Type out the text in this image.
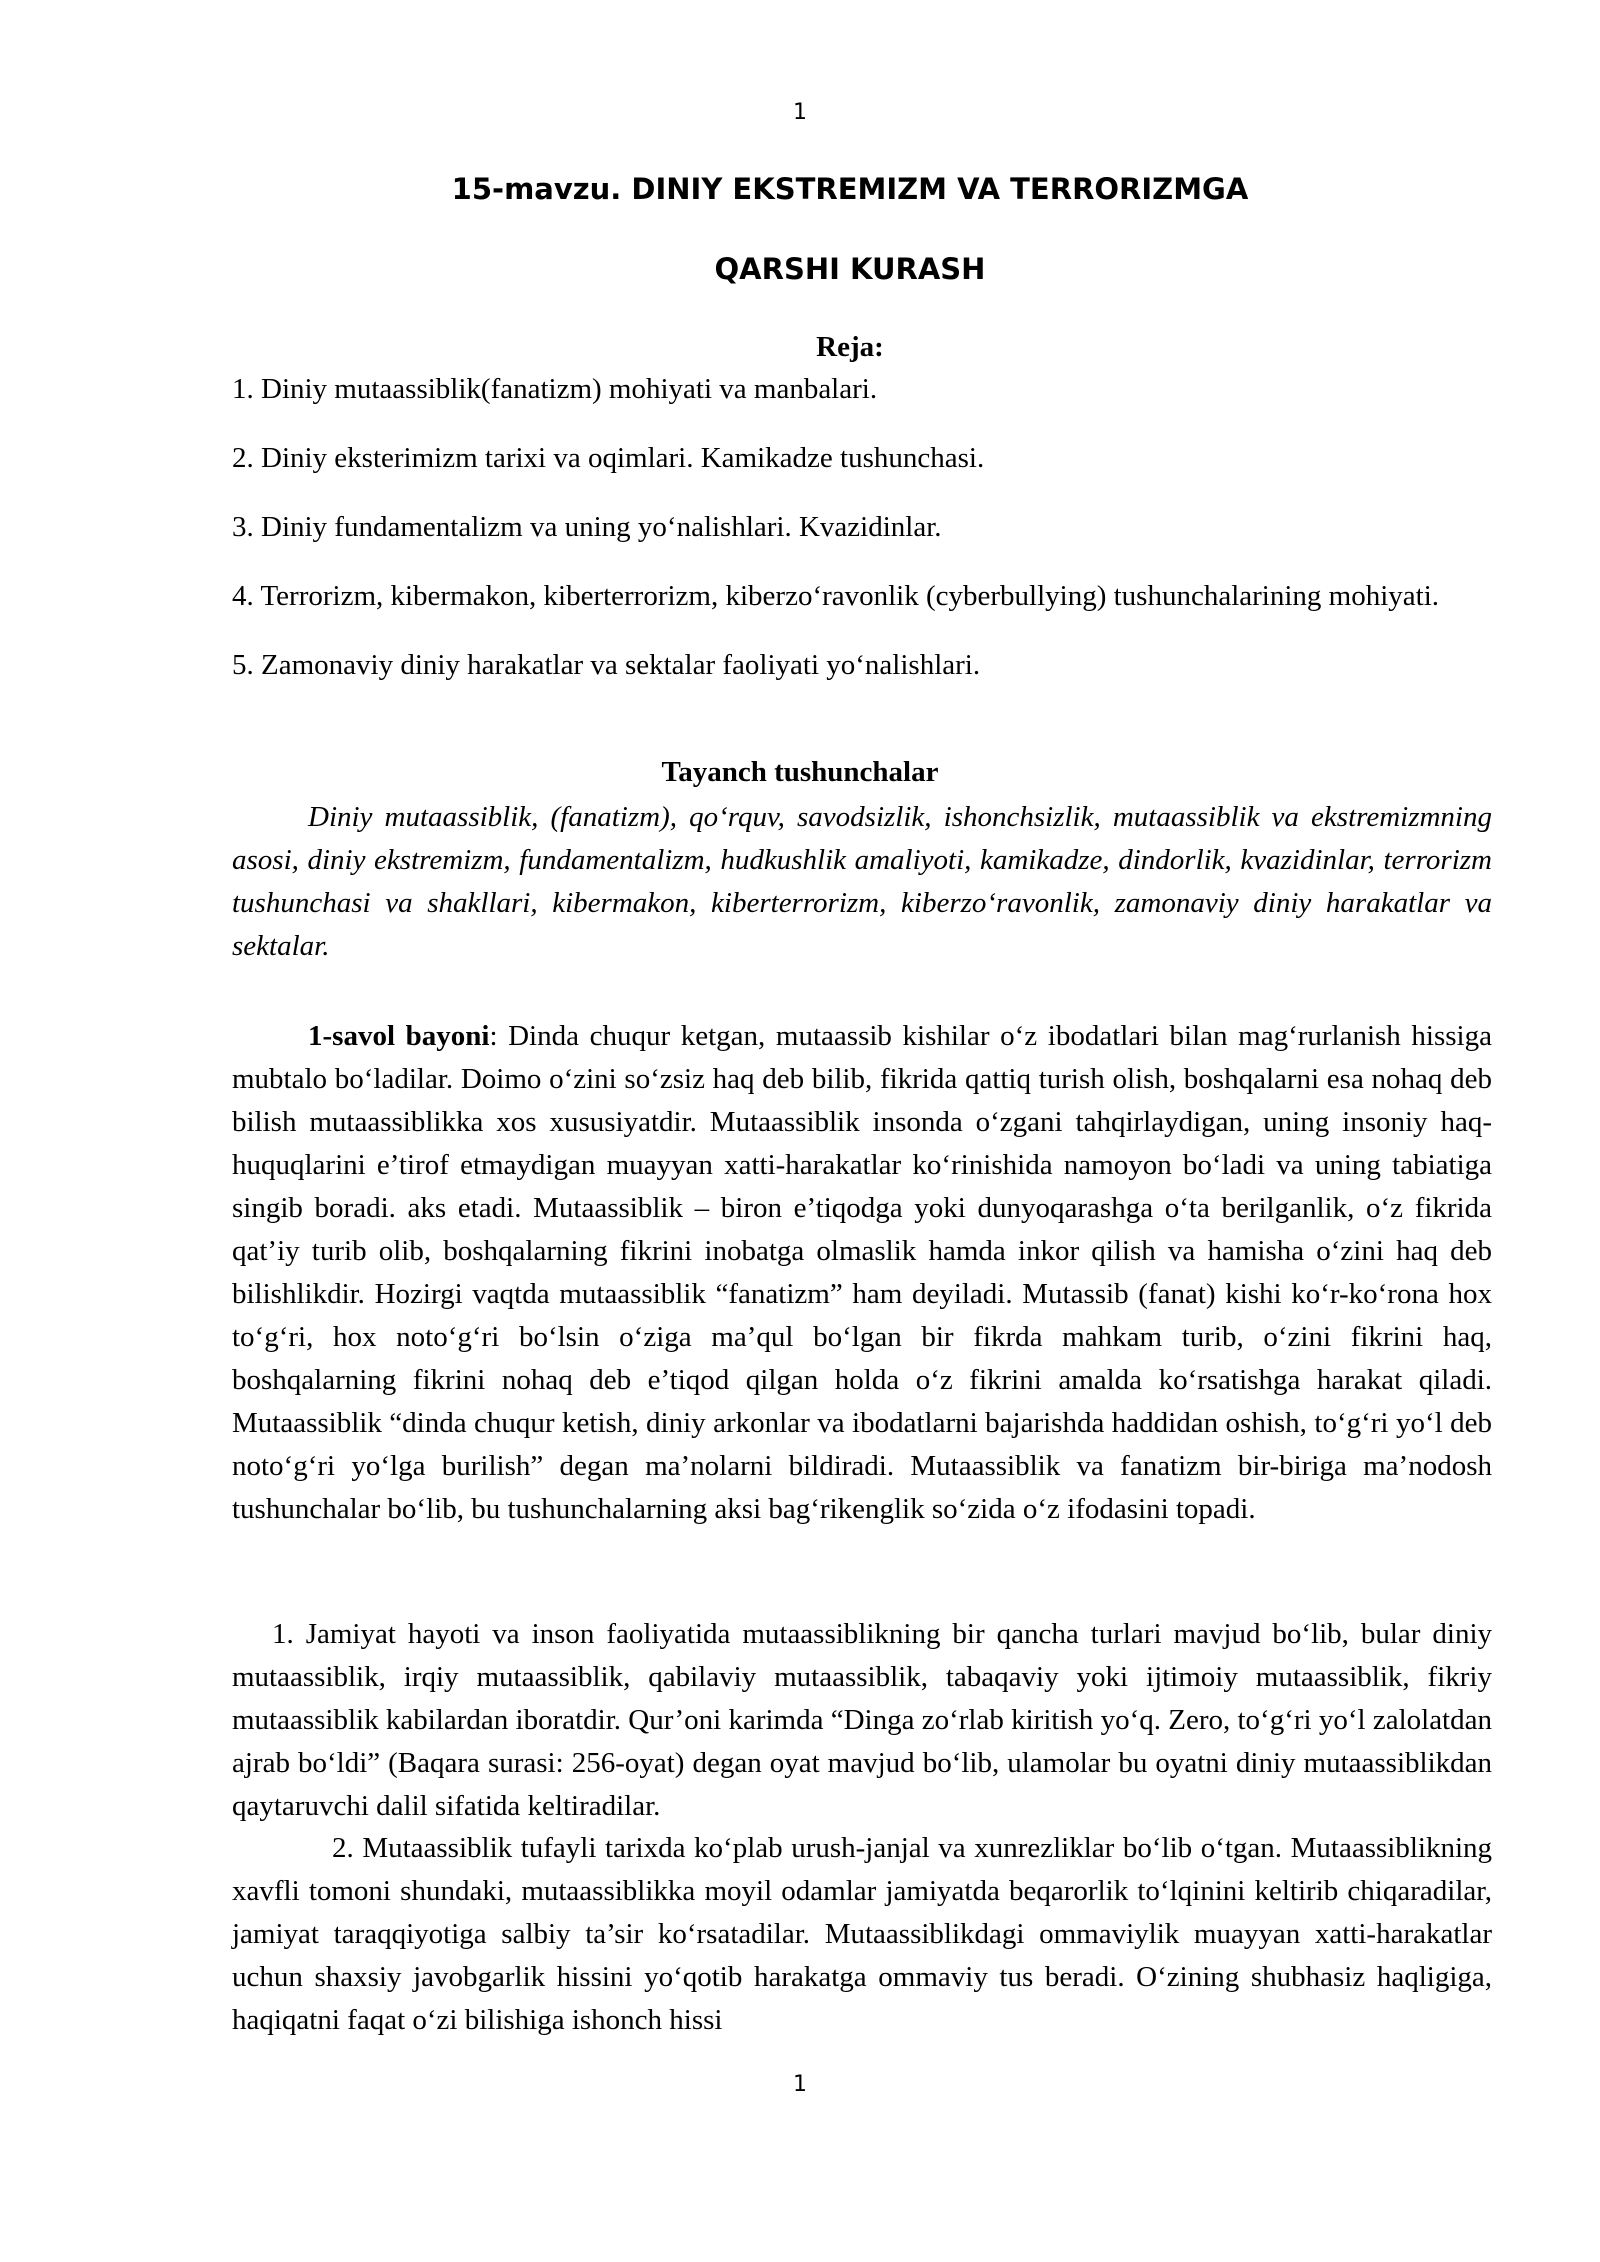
1
15-mavzu. DINIY EKSTREMIZM VA TERRORIZMGA
QARSHI KURASH
Reja:
1. Diniy mutaassiblik(fanatizm) mohiyati va manbalari.
2. Diniy eksterimizm tarixi va oqimlari. Kamikadze tushunchasi.
3. Diniy fundamentalizm va uning yo‘nalishlari. Kvazidinlar.
4. Terrorizm, kibermakon, kiberterrorizm, kiberzo‘ravonlik (cyberbullying) tushunchalarining mohiyati.
5. Zamonaviy diniy harakatlar va sektalar faoliyati yo‘nalishlari.
Tayanch tushunchalar

Diniy mutaassiblik, (fanatizm), qo‘rquv, savodsizlik, ishonchsizlik, mutaassiblik va ekstremizmning asosi, diniy ekstremizm, fundamentalizm, hudkushlik amaliyoti, kamikadze, dindorlik, kvazidinlar, terrorizm tushunchasi va shakllari, kibermakon, kiberterrorizm, kiberzo‘ravonlik, zamonaviy diniy harakatlar va sektalar.

1-savol bayoni: Dinda chuqur ketgan, mutaassib kishilar o‘z ibodatlari bilan mag‘rurlanish hissiga mubtalo bo‘ladilar. Doimo o‘zini so‘zsiz haq deb bilib, fikrida qattiq turish olish, boshqalarni esa nohaq deb bilish mutaassiblikka xos xususiyatdir. Mutaassiblik insonda o‘zgani tahqirlaydigan, uning insoniy haq-huquqlarini e’tirof etmaydigan muayyan xatti-harakatlar ko‘rinishida namoyon bo‘ladi va uning tabiatiga singib boradi. aks etadi. Mutaassiblik – biron e’tiqodga yoki dunyoqarashga o‘ta berilganlik, o‘z fikrida qat’iy turib olib, boshqalarning fikrini inobatga olmaslik hamda inkor qilish va hamisha o‘zini haq deb bilishlikdir. Hozirgi vaqtda mutaassiblik “fanatizm” ham deyiladi. Mutassib (fanat) kishi ko‘r-ko‘rona hox to‘g‘ri, hox noto‘g‘ri bo‘lsin o‘ziga ma’qul bo‘lgan bir fikrda mahkam turib, o‘zini fikrini haq, boshqalarning fikrini nohaq deb e’tiqod qilgan holda o‘z fikrini amalda ko‘rsatishga harakat qiladi. Mutaassiblik “dinda chuqur ketish, diniy arkonlar va ibodatlarni bajarishda haddidan oshish, to‘g‘ri yo‘l deb noto‘g‘ri yo‘lga burilish” degan ma’nolarni bildiradi. Mutaassiblik va fanatizm bir-biriga ma’nodosh tushunchalar bo‘lib, bu tushunchalarning aksi bag‘rikenglik so‘zida o‘z ifodasini topadi.

1. Jamiyat hayoti va inson faoliyatida mutaassiblikning bir qancha turlari mavjud bo‘lib, bular diniy mutaassiblik, irqiy mutaassiblik, qabilaviy mutaassiblik, tabaqaviy yoki ijtimoiy mutaassiblik, fikriy mutaassiblik kabilardan iboratdir. Qur’oni karimda “Dinga zo‘rlab kiritish yo‘q. Zero, to‘g‘ri yo‘l zalolatdan ajrab bo‘ldi” (Baqara surasi: 256-oyat) degan oyat mavjud bo‘lib, ulamolar bu oyatni diniy mutaassiblikdan qaytaruvchi dalil sifatida keltiradilar.

2. Mutaassiblik tufayli tarixda ko‘plab urush-janjal va xunrezliklar bo‘lib o‘tgan. Mutaassiblikning xavfli tomoni shundaki, mutaassiblikka moyil odamlar jamiyatda beqarorlik to‘lqinini keltirib chiqaradilar, jamiyat taraqqiyotiga salbiy ta’sir ko‘rsatadilar. Mutaassiblikdagi ommaviylik muayyan xatti-harakatlar uchun shaxsiy javobgarlik hissini yo‘qotib harakatga ommaviy tus beradi. O‘zining shubhasiz haqligiga, haqiqatni faqat o‘zi bilishiga ishonch hissi

1
